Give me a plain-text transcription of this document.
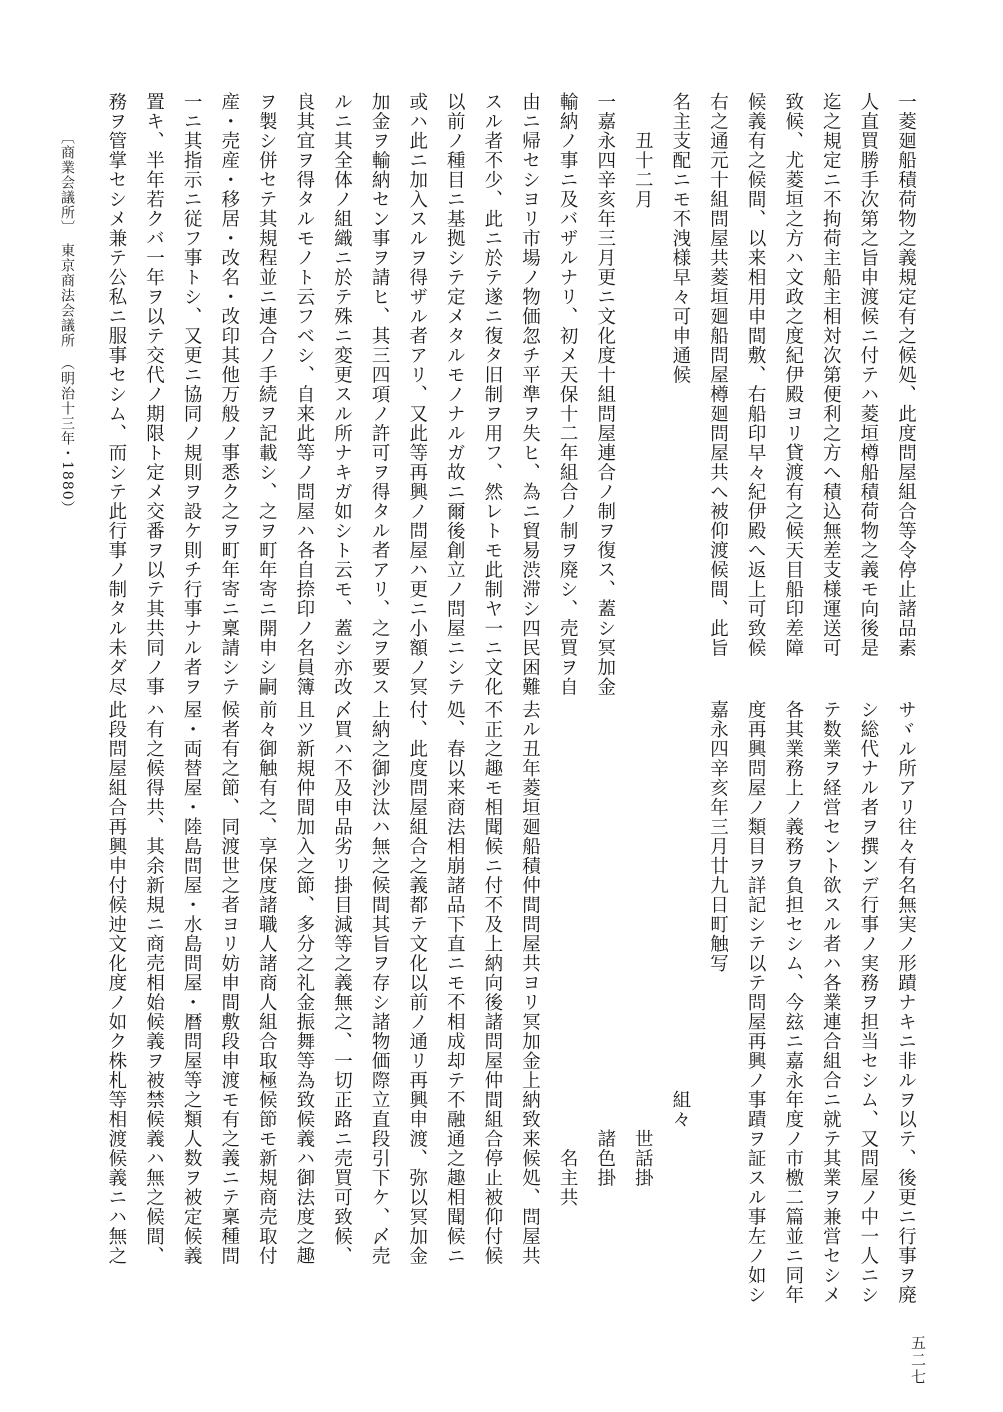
一菱廻船積荷物之義規定有之候処、此度問屋組合等令停止諸品素
人直買勝手次第之旨申渡候ニ付テハ菱垣樽船積荷物之義モ向後是
迄之規定ニ不拘荷主船主相対次第便利之方へ積込無差支様運送可
致候、尤菱垣之方ハ文政之度紀伊殿ヨリ貸渡有之候天目船印差障
候義有之候間、以来相用申間敷、右船印早々紀伊殿へ返上可致候
右之通元十組問屋共菱垣廻船問屋樽廻問屋共へ被仰渡候間、此旨
名主支配ニモ不洩様早々可申通候
　　丑十二月
一嘉永四辛亥年三月更ニ文化度十組問屋連合ノ制ヲ復ス、蓋シ冥加金
輸納ノ事ニ及バザルナリ、初メ天保十二年組合ノ制ヲ廃シ、売買ヲ自
由ニ帰セシヨリ市場ノ物価忽チ平準ヲ失ヒ、為ニ貿易渋滞シ四民困難
スル者不少、此ニ於テ遂ニ復タ旧制ヲ用フ、然レトモ此制ヤ一ニ文化
以前ノ種目ニ基拠シテ定メタルモノナルガ故ニ爾後創立ノ問屋ニシテ
或ハ此ニ加入スルヲ得ザル者アリ、又此等再興ノ問屋ハ更ニ小額ノ冥
加金ヲ輸納セン事ヲ請ヒ、其三四項ノ許可ヲ得タル者アリ、之ヲ要ス
ルニ其全体ノ組織ニ於テ殊ニ変更スル所ナキガ如シト云モ、蓋シ亦改
良其宜ヲ得タルモノト云フベシ、自来此等ノ問屋ハ各自捺印ノ名員簿
ヲ製シ併セテ其規程並ニ連合ノ手続ヲ記載シ、之ヲ町年寄ニ開申シ嗣
産・売産・移居・改名・改印其他万般ノ事悉ク之ヲ町年寄ニ稟請シテ
一ニ其指示ニ従フ事トシ、又更ニ協同ノ規則ヲ設ケ則チ行事ナル者ヲ
置キ、半年若クバ一年ヲ以テ交代ノ期限ト定メ交番ヲ以テ其共同ノ事
務ヲ管掌セシメ兼テ公私ニ服事セシム、而シテ此行事ノ制タル未ダ尽
サヾル所アリ往々有名無実ノ形蹟ナキニ非ルヲ以テ、後更ニ行事ヲ廃
シ総代ナル者ヲ撰ンデ行事ノ実務ヲ担当セシム、又問屋ノ中一人ニシ
テ数業ヲ経営セント欲スル者ハ各業連合組合ニ就テ其業ヲ兼営セシメ
各其業務上ノ義務ヲ負担セシム、今玆ニ嘉永年度ノ市檄二篇並ニ同年
度再興問屋ノ類目ヲ詳記シテ以テ問屋再興ノ事蹟ヲ証スル事左ノ如シ
嘉永四辛亥年三月廿九日町触写
　　　　　　　　　　　　　　　　　　　　組々
　　　　　　　　　　　　　　　　　　　　　　世話掛
　　　　　　　　　　　　　　　　　　　　　　諸色掛
　　　　　　　　　　　　　　　　　　　　　　　名主共
去ル丑年菱垣廻船積仲間問屋共ヨリ冥加金上納致来候処、問屋共
不正之趣モ相聞候ニ付不及上納向後諸問屋仲間組合停止被仰付候
処、春以来商法相崩諸品下直ニモ不相成却テ不融通之趣相聞候ニ
付、此度問屋組合之義都テ文化以前ノ通リ再興申渡、弥以冥加金
上納之御沙汰ハ無之候間其旨ヲ存シ諸物価際立直段引下ケ、〆売
〆買ハ不及申品劣リ掛目減等之義無之、一切正路ニ売買可致候、
且ツ新規仲間加入之節、多分之礼金振舞等為致候義ハ御法度之趣
前々御触有之、享保度諸職人諸商人組合取極候節モ新規商売取付
候者有之節、同渡世之者ヨリ妨申間敷段申渡モ有之義ニテ稟種問
屋・両替屋・陸島問屋・水島問屋・暦問屋等之類人数ヲ被定候義
ハ有之候得共、其余新規ニ商売相始候義ヲ被禁候義ハ無之候間、
此段問屋組合再興申付候迚文化度ノ如ク株札等相渡候義ニハ無之
〔商業会議所〕　東京商法会議所　（明治十三年・1880）
五二七
